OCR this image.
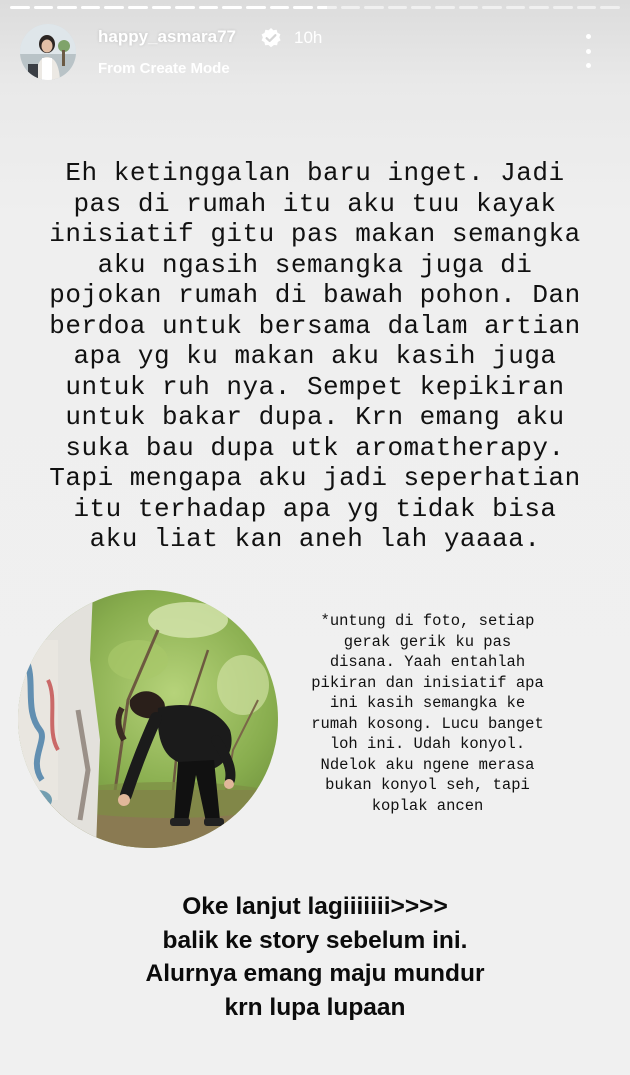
happy_asmara77	10h
From Create Mode
Eh ketinggalan baru inget. Jadi
pas di rumah itu aku tuu kayak
inisiatif gitu pas makan semangka
aku ngasih semangka juga di
pojokan rumah di bawah pohon. Dan
berdoa untuk bersama dalam artian
apa yg ku makan aku kasih juga
untuk ruh nya. Sempet kepikiran
untuk bakar dupa. Krn emang aku
suka bau dupa utk aromatherapy.
Tapi mengapa aku jadi seperhatian
itu terhadap apa yg tidak bisa
aku liat kan aneh lah yaaaa.
*untung di foto, setiap
gerak gerik ku pas
disana. Yaah entahlah
pikiran dan inisiatif apa
ini kasih semangka ke
rumah kosong. Lucu banget
loh ini. Udah konyol.
Ndelok aku ngene merasa
bukan konyol seh, tapi
koplak ancen
Oke lanjut lagiiiiiii>>>>
balik ke story sebelum ini.
Alurnya emang maju mundur
krn lupa lupaan
